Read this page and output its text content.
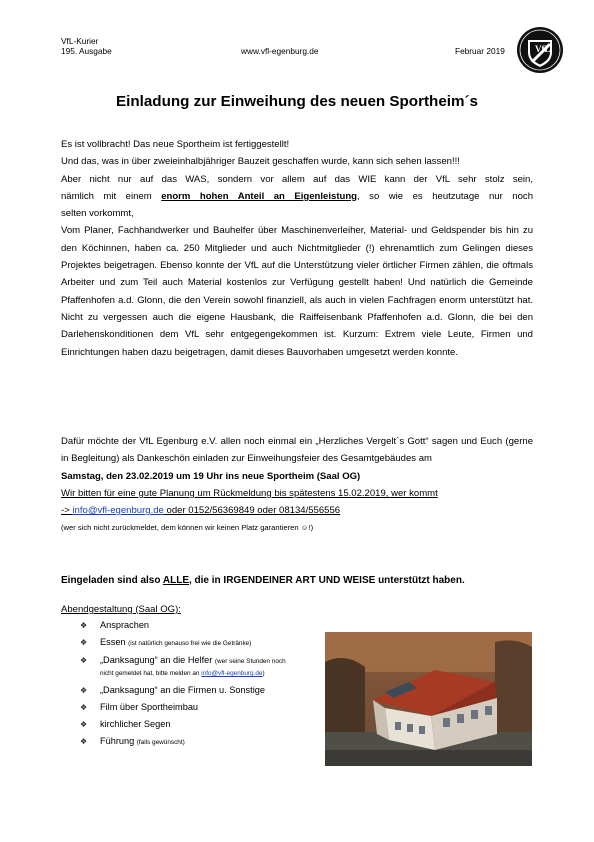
VfL-Kurier
195. Ausgabe	www.vfl-egenburg.de	Februar 2019	VfL
Einladung zur Einweihung des neuen Sportheim´s
Es ist vollbracht! Das neue Sportheim ist fertiggestellt!
Und das, was in über zweieinhalbjähriger Bauzeit geschaffen wurde, kann sich sehen lassen!!!
Aber nicht nur auf das WAS, sondern vor allem auf das WIE kann der VfL sehr stolz sein,
nämlich mit einem enorm hohen Anteil an Eigenleistung, so wie es heutzutage nur noch
selten vorkommt,
Vom Planer, Fachhandwerker und Bauhelfer über Maschinenverleiher, Material- und Geldspender bis hin zu den Köchinnen, haben ca. 250 Mitglieder und auch Nichtmitglieder (!) ehrenamtlich zum Gelingen dieses Projektes beigetragen. Ebenso konnte der VfL auf die Unterstützung vieler örtlicher Firmen zählen, die oftmals Arbeiter und zum Teil auch Material kostenlos zur Verfügung gestellt haben! Und natürlich die Gemeinde Pfaffenhofen a.d. Glonn, die den Verein sowohl finanziell, als auch in vielen Fachfragen enorm unterstützt hat. Nicht zu vergessen auch die eigene Hausbank, die Raiffeisenbank Pfaffenhofen a.d. Glonn, die bei den Darlehenskonditionen dem VfL sehr entgegengekommen ist. Kurzum: Extrem viele Leute, Firmen und Einrichtungen haben dazu beigetragen, damit dieses Bauvorhaben umgesetzt werden konnte.
Dafür möchte der VfL Egenburg e.V. allen noch einmal ein „Herzliches Vergelt´s Gott“ sagen und Euch (gerne in Begleitung) als Dankeschön einladen zur Einweihungsfeier des Gesamtgebäudes am
Samstag, den 23.02.2019 um 19 Uhr ins neue Sportheim (Saal OG)
Wir bitten für eine gute Planung um Rückmeldung bis spätestens 15.02.2019, wer kommt
-> info@vfl-egenburg.de oder 0152/56369849 oder 08134/556556
(wer sich nicht zurückmeldet, dem können wir keinen Platz garantieren ☺!)
Eingeladen sind also ALLE, die in IRGENDEINER ART UND WEISE unterstützt haben.
Abendgestaltung (Saal OG):
❖ Ansprachen
❖ Essen (ist natürlich genauso frei wie die Getränke)
❖ „Danksagung“ an die Helfer (wer seine Stunden noch nicht gemeldet hat, bitte melden an info@vfl-egenburg.de)
❖ „Danksagung“ an die Firmen u. Sonstige
❖ Film über Sportheimbau
❖ kirchlicher Segen
❖ Führung (falls gewünscht)
